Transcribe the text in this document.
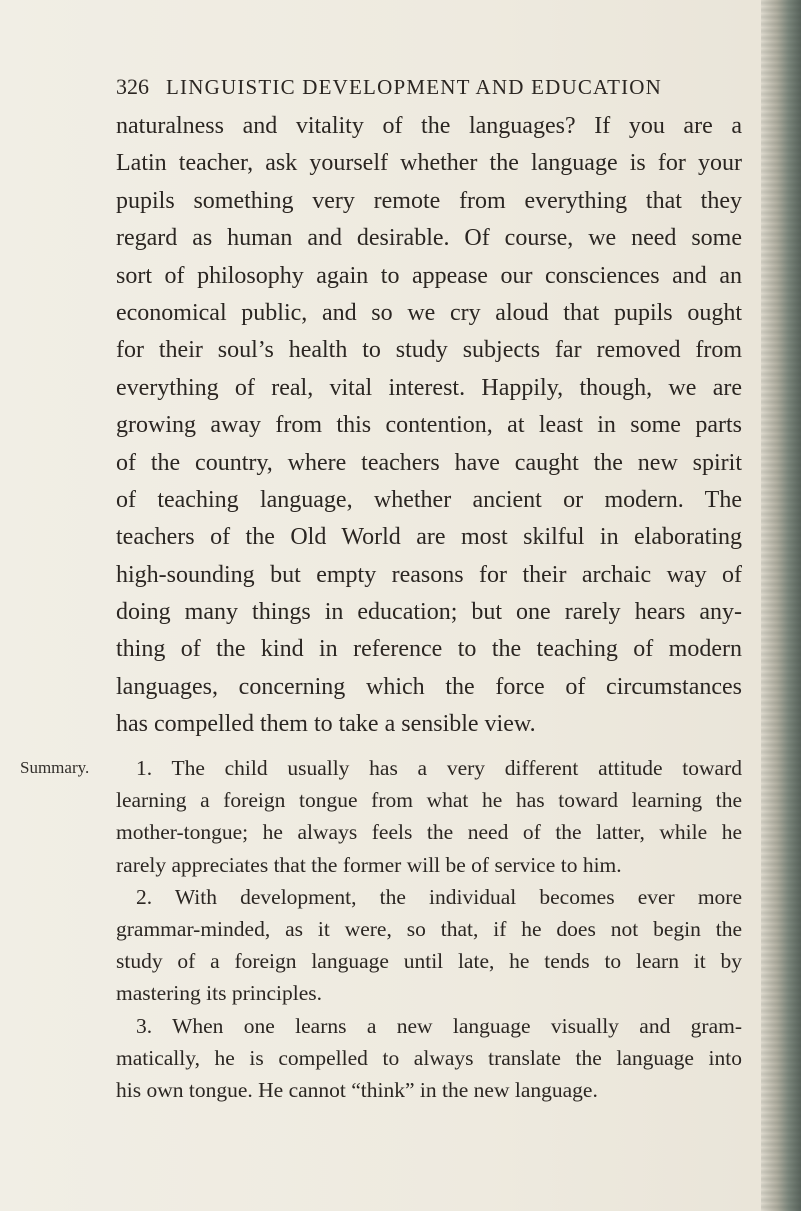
326 LINGUISTIC DEVELOPMENT AND EDUCATION
naturalness and vitality of the languages? If you are a
Latin teacher, ask yourself whether the language is for your
pupils something very remote from everything that they
regard as human and desirable. Of course, we need some
sort of philosophy again to appease our consciences and an
economical public, and so we cry aloud that pupils ought
for their soul’s health to study subjects far removed from
everything of real, vital interest. Happily, though, we are
growing away from this contention, at least in some parts
of the country, where teachers have caught the new spirit
of teaching language, whether ancient or modern. The
teachers of the Old World are most skilful in elaborating
high-sounding but empty reasons for their archaic way of
doing many things in education; but one rarely hears any-
thing of the kind in reference to the teaching of modern
languages, concerning which the force of circumstances
has compelled them to take a sensible view.
Summary.	1. The child usually has a very different attitude toward
learning a foreign tongue from what he has toward learning the
mother-tongue; he always feels the need of the latter, while he
rarely appreciates that the former will be of service to him.
2. With development, the individual becomes ever more
grammar-minded, as it were, so that, if he does not begin the
study of a foreign language until late, he tends to learn it by
mastering its principles.
3. When one learns a new language visually and gram-
matically, he is compelled to always translate the language into
his own tongue. He cannot “think” in the new language.
